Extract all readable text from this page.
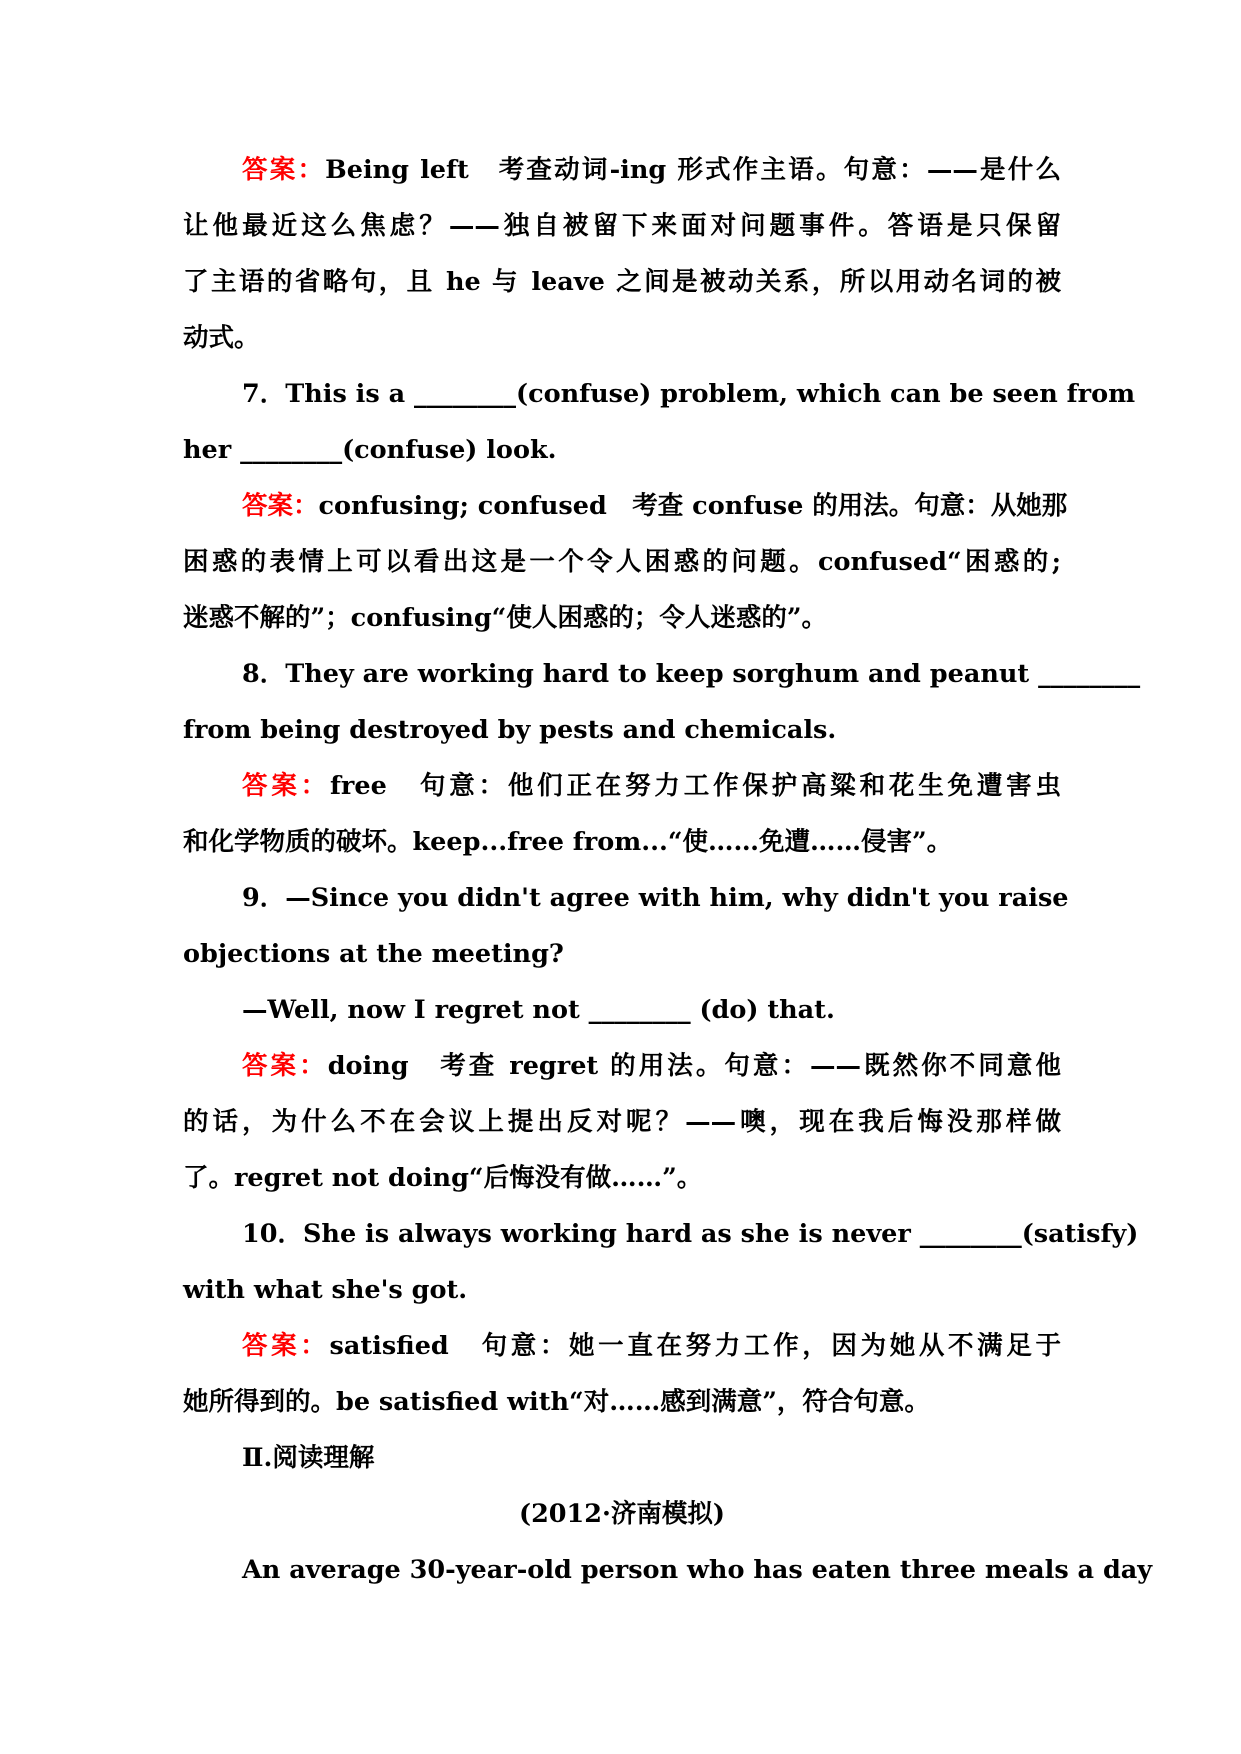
答案：Being left　考查动词-ing 形式作主语。句意：——是什么
让他最近这么焦虑？——独自被留下来面对问题事件。答语是只保留
了主语的省略句，且 he 与 leave 之间是被动关系，所以用动名词的被
动式。
7．This is a ________(confuse) problem, which can be seen from
her ________(confuse) look.
答案：confusing; confused　考查 confuse 的用法。句意：从她那
困惑的表情上可以看出这是一个令人困惑的问题。confused“困惑的;
迷惑不解的”；confusing“使人困惑的；令人迷惑的”。
8．They are working hard to keep sorghum and peanut ________
from being destroyed by pests and chemicals.
答案：free　句意：他们正在努力工作保护高粱和花生免遭害虫
和化学物质的破坏。keep...free from...“使……免遭……侵害”。
9．—Since you didn't agree with him, why didn't you raise
objections at the meeting?
—Well, now I regret not ________ (do) that.
答案：doing　考查 regret 的用法。句意：——既然你不同意他
的话，为什么不在会议上提出反对呢？——噢，现在我后悔没那样做
了。regret not doing“后悔没有做……”。
10．She is always working hard as she is never ________(satisfy)
with what she's got.
答案：satisfied　句意：她一直在努力工作，因为她从不满足于
她所得到的。be satisfied with“对……感到满意”，符合句意。
Ⅱ.阅读理解
(2012·济南模拟)
An average 30-year-old person who has eaten three meals a day
